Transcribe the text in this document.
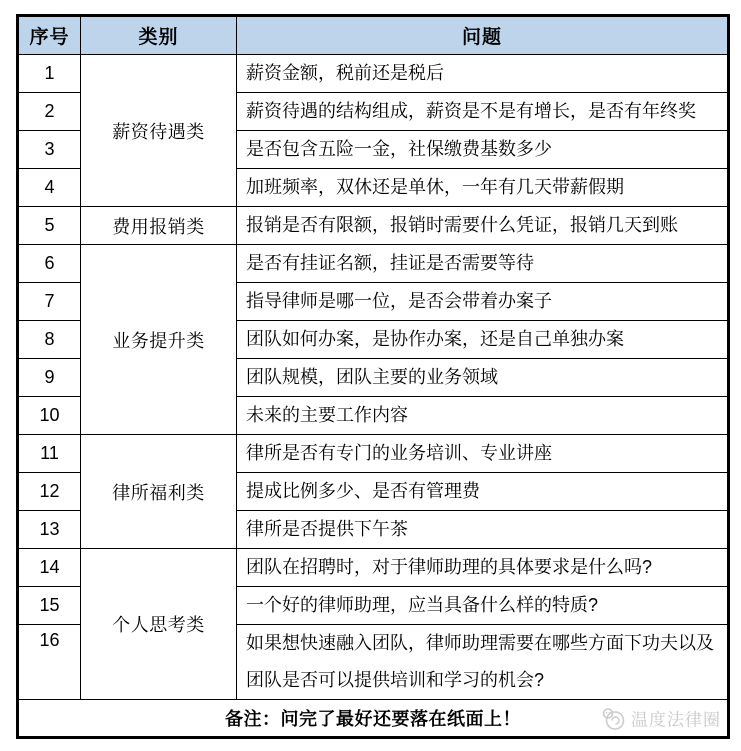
序号	类别	问题
1	薪资待遇类	薪资金额，税前还是税后
2		薪资待遇的结构组成，薪资是不是有增长，是否有年终奖
3		是否包含五险一金，社保缴费基数多少
4		加班频率，双休还是单休，一年有几天带薪假期
5	费用报销类	报销是否有限额，报销时需要什么凭证，报销几天到账
6	业务提升类	是否有挂证名额，挂证是否需要等待
7		指导律师是哪一位，是否会带着办案子
8		团队如何办案，是协作办案，还是自己单独办案
9		团队规模，团队主要的业务领域
10		未来的主要工作内容
11	律所福利类	律所是否有专门的业务培训、专业讲座
12		提成比例多少、是否有管理费
13		律所是否提供下午茶
14	个人思考类	团队在招聘时，对于律师助理的具体要求是什么吗?
15		一个好的律师助理，应当具备什么样的特质?
16		如果想快速融入团队，律师助理需要在哪些方面下功夫以及团队是否可以提供培训和学习的机会?
备注：问完了最好还要落在纸面上！ 温度法律圈		
